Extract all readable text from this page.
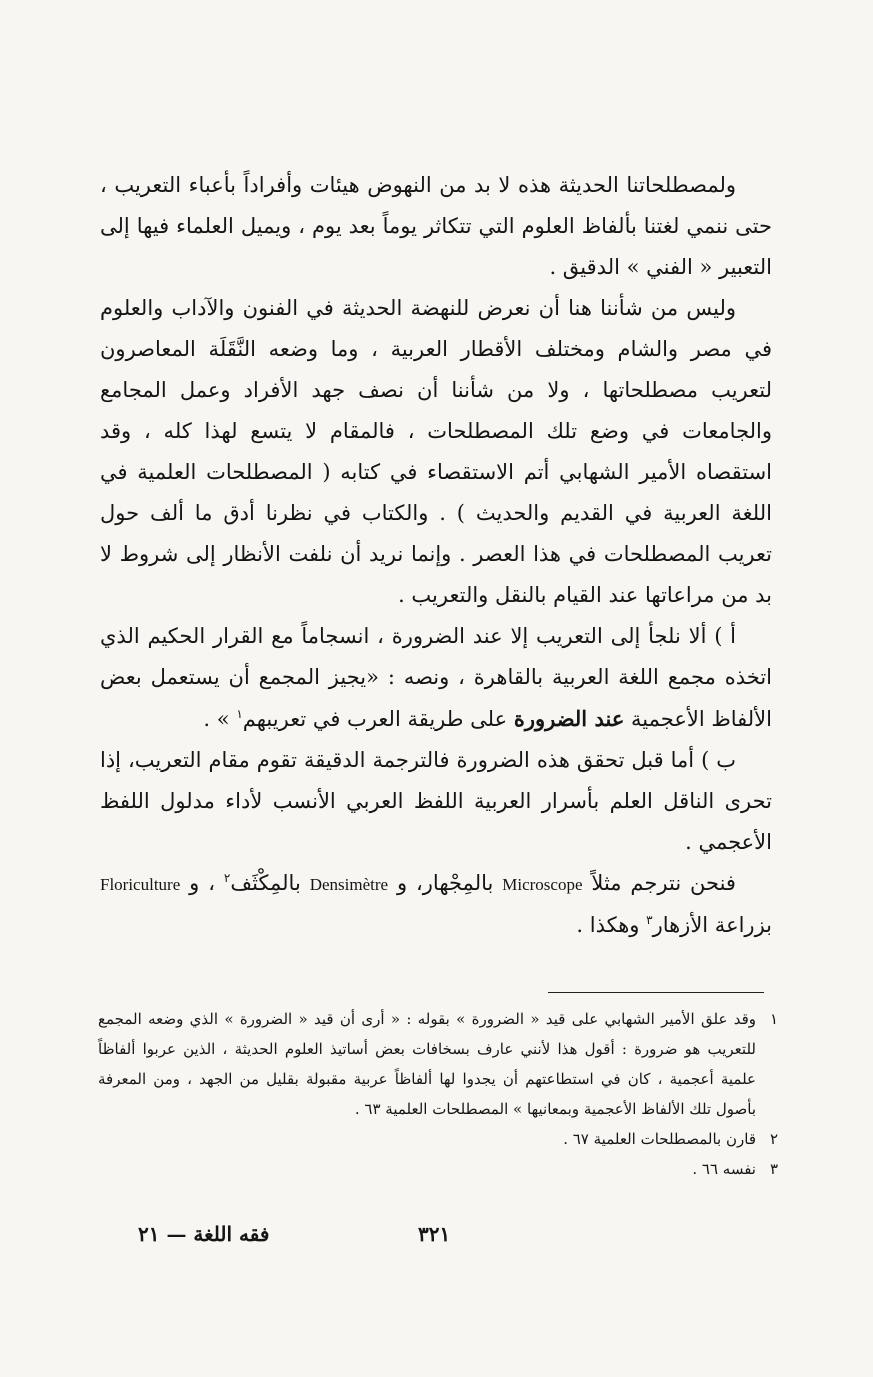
ولمصطلحاتنا الحديثة هذه لا بد من النهوض هيئات وأفراداً بأعباء التعريب ، حتى ننمي لغتنا بألفاظ العلوم التي تتكاثر يوماً بعد يوم ، ويميل العلماء فيها إلى التعبير « الفني » الدقيق .

وليس من شأننا هنا أن نعرض للنهضة الحديثة في الفنون والآداب والعلوم في مصر والشام ومختلف الأقطار العربية ، وما وضعه النَّقَلَة المعاصرون لتعريب مصطلحاتها ، ولا من شأننا أن نصف جهد الأفراد وعمل المجامع والجامعات في وضع تلك المصطلحات ، فالمقام لا يتسع لهذا كله ، وقد استقصاه الأمير الشهابي أتم الاستقصاء في كتابه ( المصطلحات العلمية في اللغة العربية في القديم والحديث ) . والكتاب في نظرنا أدق ما ألف حول تعريب المصطلحات في هذا العصر . وإنما نريد أن نلفت الأنظار إلى شروط لا بد من مراعاتها عند القيام بالنقل والتعريب .

أ ) ألا نلجأ إلى التعريب إلا عند الضرورة ، انسجاماً مع القرار الحكيم الذي اتخذه مجمع اللغة العربية بالقاهرة ، ونصه : «يجيز المجمع أن يستعمل بعض الألفاظ الأعجمية عند الضرورة على طريقة العرب في تعريبهم$^١$ » .

ب ) أما قبل تحقق هذه الضرورة فالترجمة الدقيقة تقوم مقام التعريب، إذا تحرى الناقل العلم بأسرار العربية اللفظ العربي الأنسب لأداء مدلول اللفظ الأعجمي .

فنحن نترجم مثلاً Microscope بالمِجْهار، و Densimètre بالمِكْثَف$^٢$ ، و Floriculture بزراعة الأزهار$^٣$ وهكذا .

١
وقد علق الأمير الشهابي على قيد « الضرورة » بقوله : « أرى أن قيد « الضرورة » الذي وضعه المجمع للتعريب هو ضرورة : أقول هذا لأنني عارف بسخافات بعض أساتيذ العلوم الحديثة ، الذين عربوا ألفاظاً علمية أعجمية ، كان في استطاعتهم أن يجدوا لها ألفاظاً عربية مقبولة بقليل من الجهد ، ومن المعرفة بأصول تلك الألفاظ الأعجمية وبمعانيها » المصطلحات العلمية ٦٣ .
٢
قارن بالمصطلحات العلمية ٦٧ .
٣
نفسه ٦٦ .
٣٢١
فقه اللغة — ٢١
